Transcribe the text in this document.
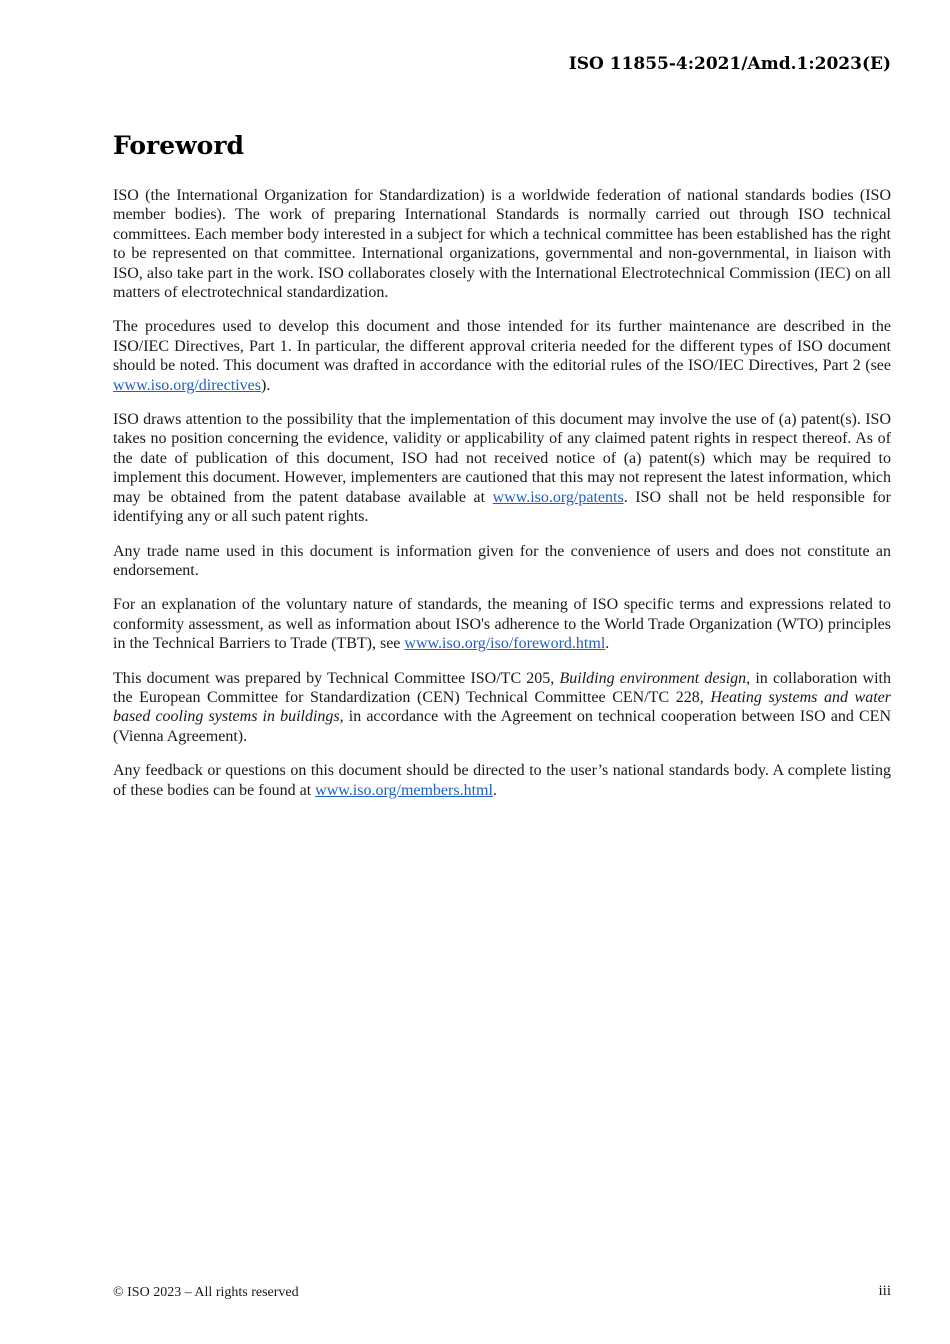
ISO 11855-4:2021/Amd.1:2023(E)
Foreword

ISO (the International Organization for Standardization) is a worldwide federation of national standards bodies (ISO member bodies). The work of preparing International Standards is normally carried out through ISO technical committees. Each member body interested in a subject for which a technical committee has been established has the right to be represented on that committee. International organizations, governmental and non-governmental, in liaison with ISO, also take part in the work. ISO collaborates closely with the International Electrotechnical Commission (IEC) on all matters of electrotechnical standardization.

The procedures used to develop this document and those intended for its further maintenance are described in the ISO/IEC Directives, Part 1. In particular, the different approval criteria needed for the different types of ISO document should be noted. This document was drafted in accordance with the editorial rules of the ISO/IEC Directives, Part 2 (see www.iso.org/directives).

ISO draws attention to the possibility that the implementation of this document may involve the use of (a) patent(s). ISO takes no position concerning the evidence, validity or applicability of any claimed patent rights in respect thereof. As of the date of publication of this document, ISO had not received notice of (a) patent(s) which may be required to implement this document. However, implementers are cautioned that this may not represent the latest information, which may be obtained from the patent database available at www.iso.org/patents. ISO shall not be held responsible for identifying any or all such patent rights.

Any trade name used in this document is information given for the convenience of users and does not constitute an endorsement.

For an explanation of the voluntary nature of standards, the meaning of ISO specific terms and expressions related to conformity assessment, as well as information about ISO's adherence to the World Trade Organization (WTO) principles in the Technical Barriers to Trade (TBT), see www.iso.org/iso/foreword.html.

This document was prepared by Technical Committee ISO/TC 205, Building environment design, in collaboration with the European Committee for Standardization (CEN) Technical Committee CEN/TC 228, Heating systems and water based cooling systems in buildings, in accordance with the Agreement on technical cooperation between ISO and CEN (Vienna Agreement).

Any feedback or questions on this document should be directed to the user’s national standards body. A complete listing of these bodies can be found at www.iso.org/members.html.

© ISO 2023 – All rights reserved	iii
